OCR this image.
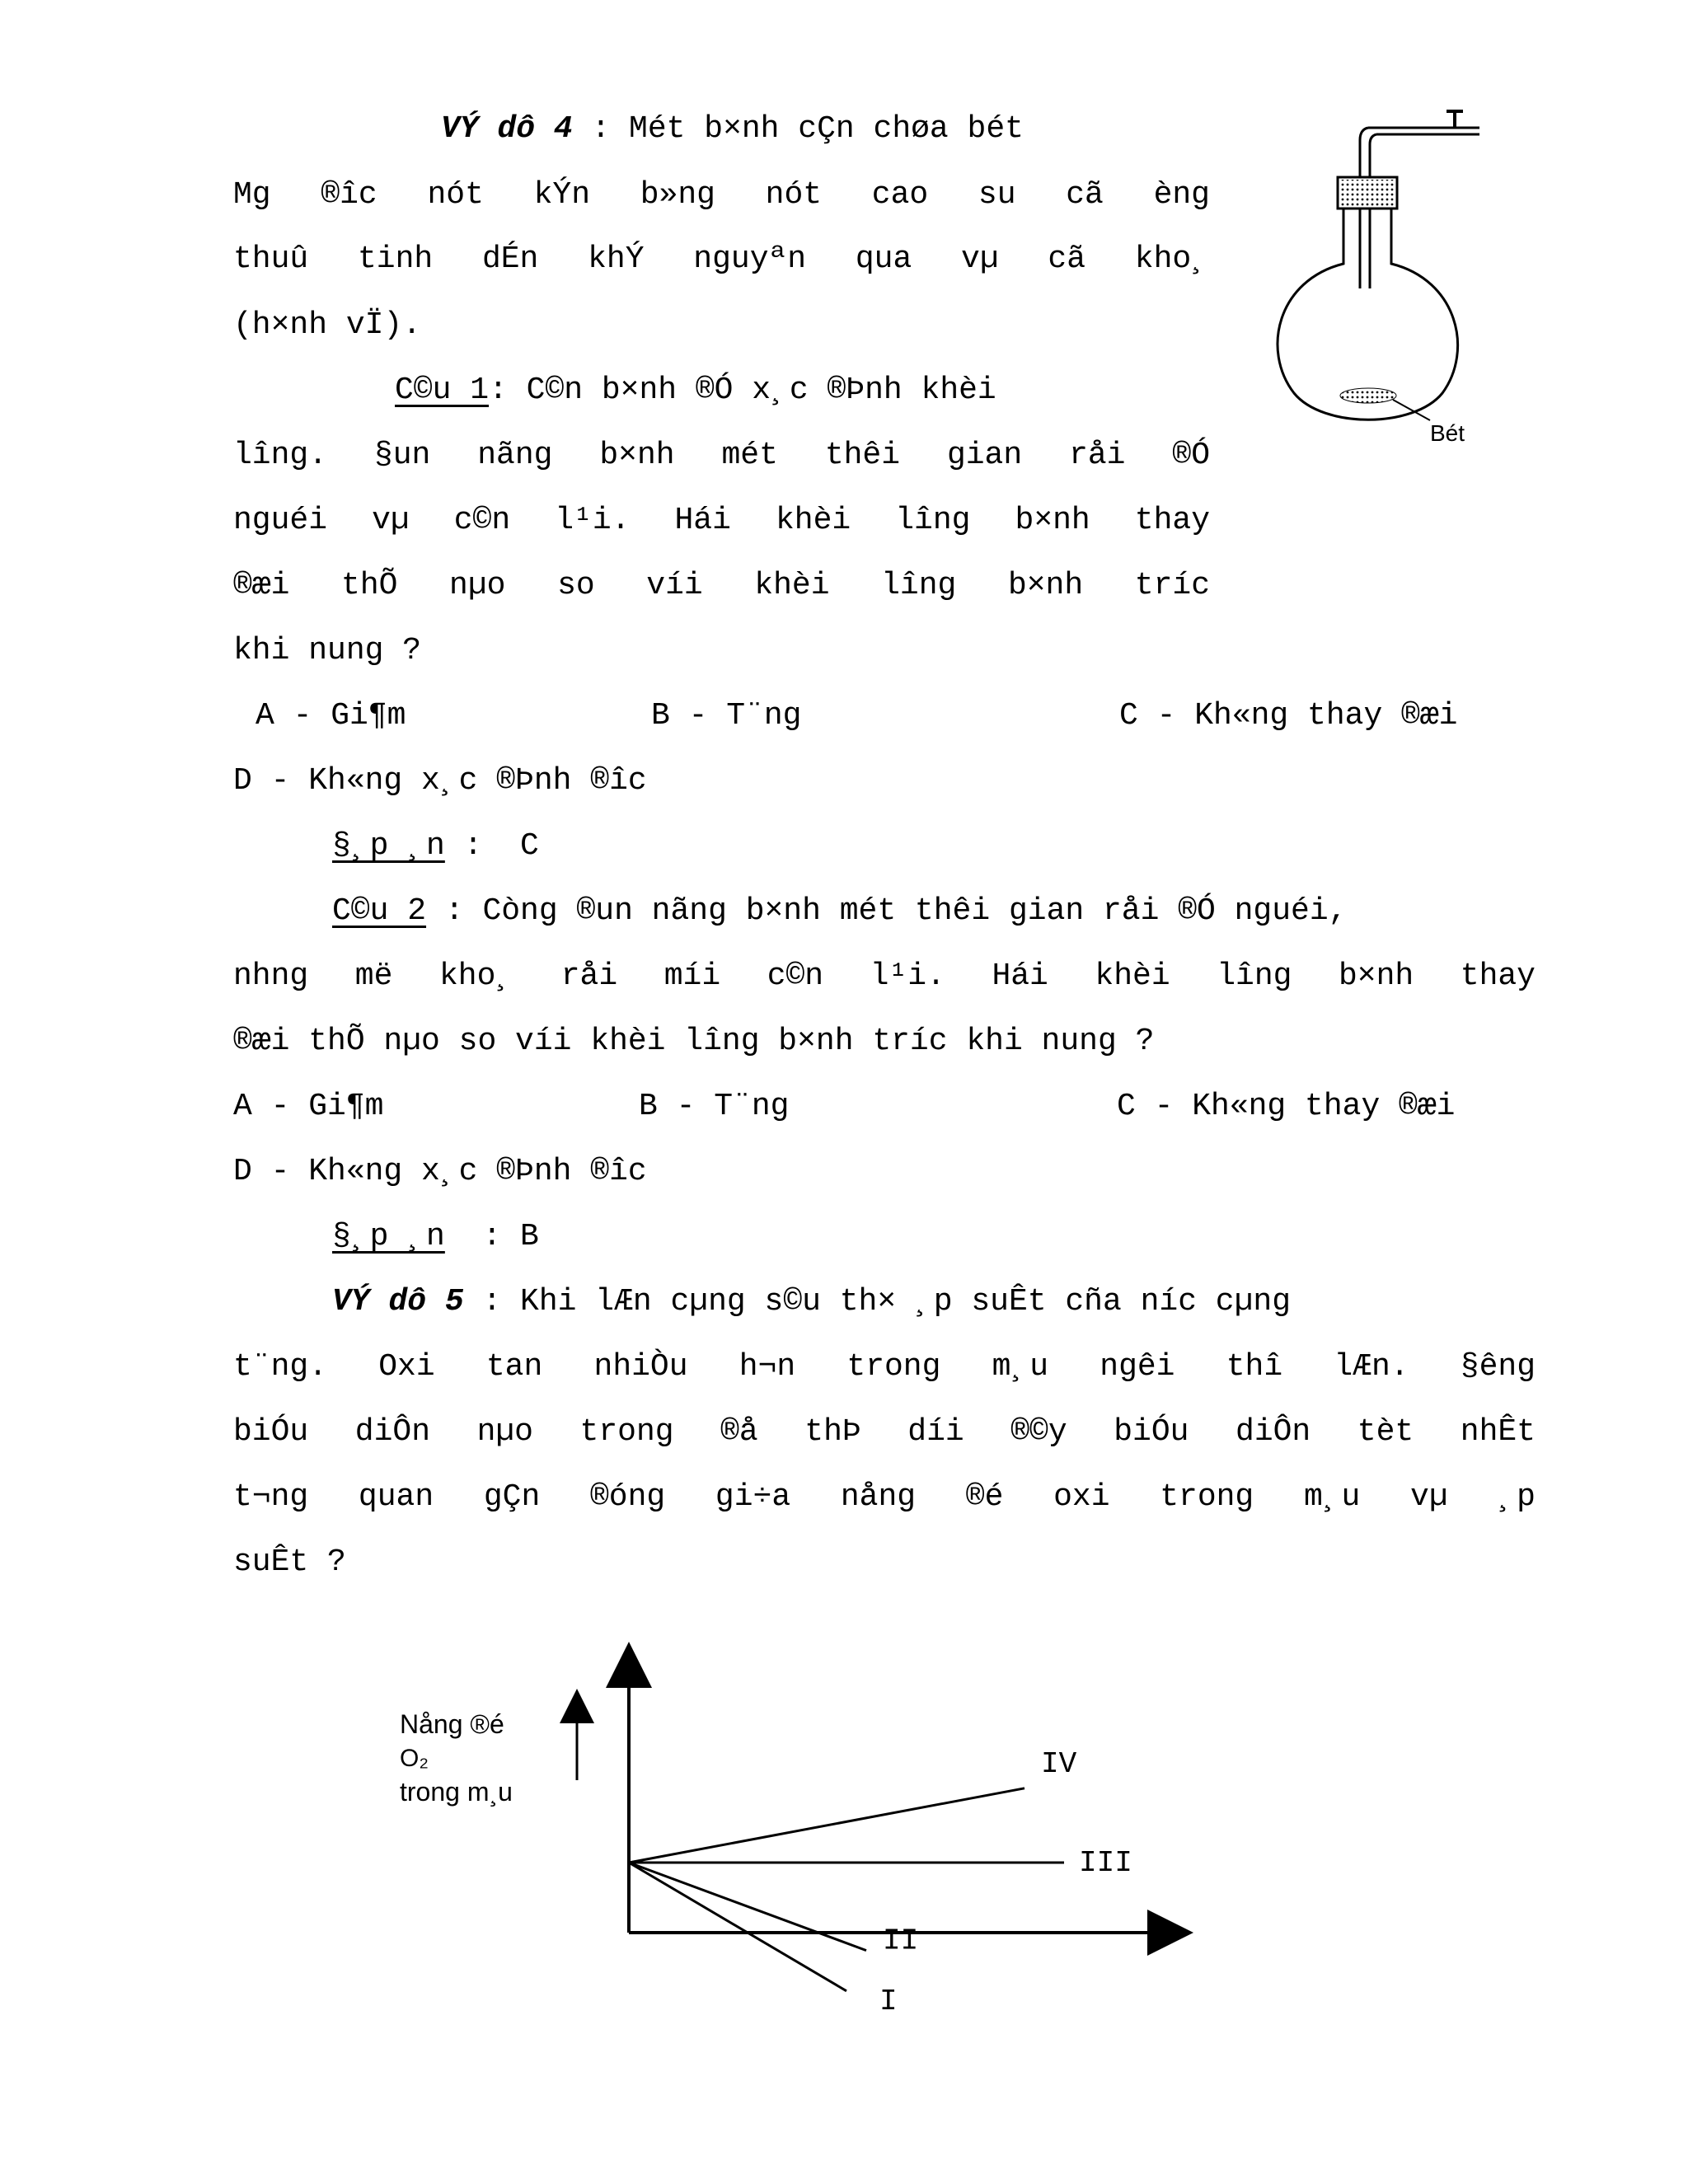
VÝ dô 4 : Mét b×nh cÇn chøa bét
Mg ®îc nót kÝn b»ng nót cao su cã èng
thuû tinh dÉn khÝ nguyªn qua vµ cã kho¸
(h×nh vÏ).
C©u 1: C©n b×nh ®Ó x¸c ®Þnh khèi
lîng. §un nãng b×nh mét thêi gian råi ®Ó
nguéi vµ c©n l¹i. Hái khèi lîng b×nh thay
®æi thÕ nµo so víi khèi lîng b×nh tríc
khi nung ?
A - Gi¶m	B - T¨ng	C - Kh«ng thay ®æi
D - Kh«ng x¸c ®Þnh ®îc
§¸p ¸n :  C
C©u 2 : Còng ®un nãng b×nh mét thêi gian råi ®Ó nguéi,
nhng më kho¸ råi míi c©n l¹i. Hái khèi lîng b×nh thay
®æi thÕ nµo so víi khèi lîng b×nh tríc khi nung ?
A - Gi¶m	B - T¨ng	C - Kh«ng thay ®æi
D - Kh«ng x¸c ®Þnh ®îc
§¸p ¸n : B
VÝ dô 5 : Khi lÆn cµng s©u th× ¸p suÊt cña níc cµng
t¨ng. Oxi tan nhiÒu h¬n trong m¸u ngêi thî lÆn. §êng
biÓu diÔn nµo trong ®å thÞ díi ®©y biÓu diÔn tèt nhÊt
t¬ng quan gÇn ®óng gi÷a nång ®é oxi trong m¸u vµ ¸p
suÊt ?
Bét
IV
III
II
I
Nång ®é
O₂
trong m¸u
